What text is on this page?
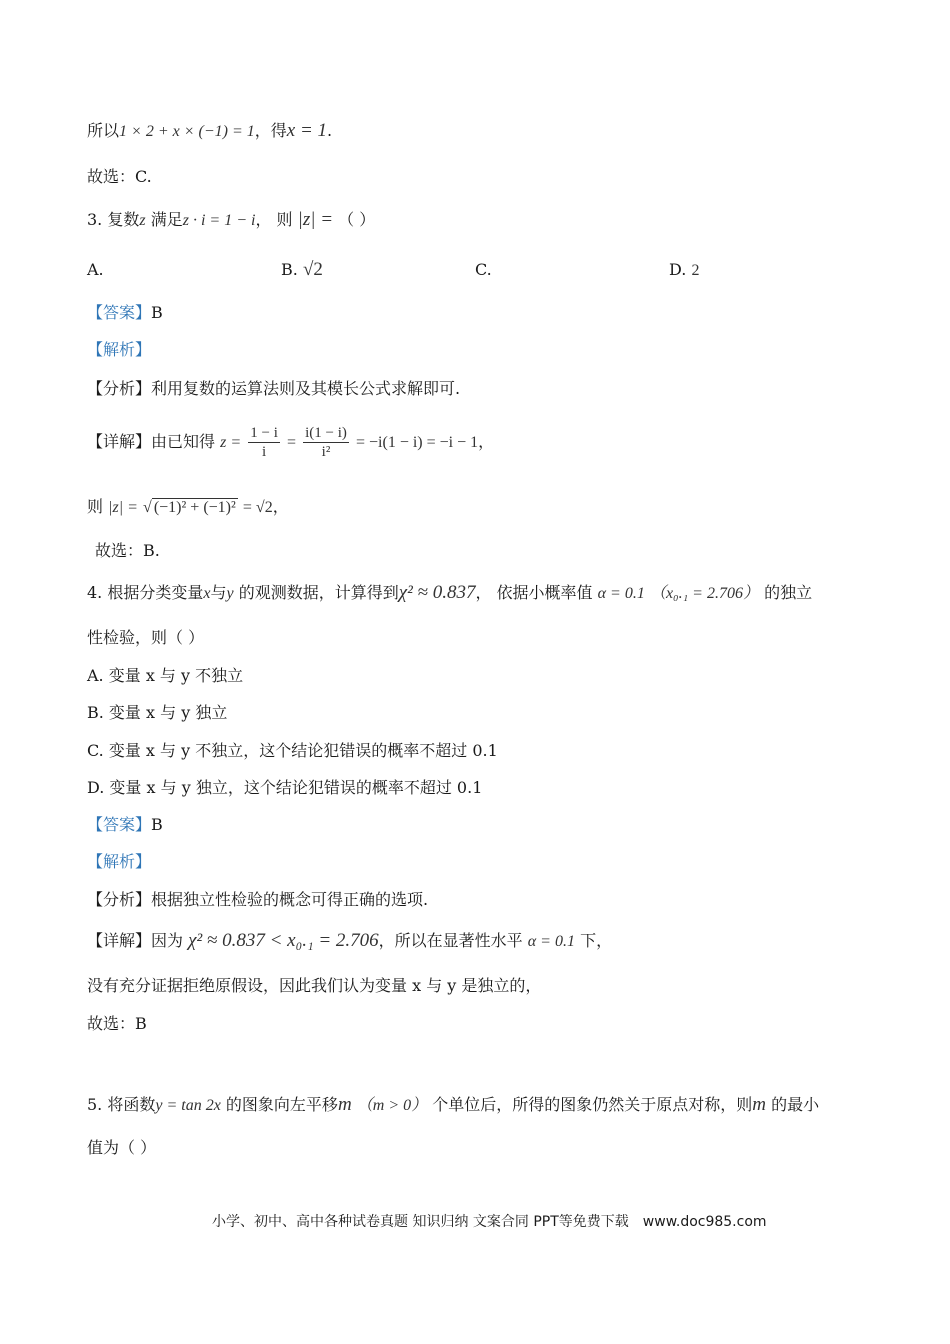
所以1 × 2 + x × (−1) = 1，得x = 1.
故选：C.
3. 复数z 满足z · i = 1 − i， 则 |z| = （ ）
A.	B. √2	C.	D. 2
【答案】B
【解析】
【分析】利用复数的运算法则及其模长公式求解即可.
【详解】由已知得 $z = \frac{1 - i}{i} = \frac{i(1 - i)}{\text{i²}} = -i(1 - i) = -i - 1$，
则 |z| = √ (−1)² + (−1)² = √2，
故选：B.
4. 根据分类变量x与y 的观测数据，计算得到χ² ≈ 0.837， 依据小概率值 α = 0.1 （x₀.₁ = 2.706） 的独立
性检验，则（ ）
A. 变量 x 与 y 不独立
B. 变量 x 与 y 独立
C. 变量 x 与 y 不独立，这个结论犯错误的概率不超过 0.1
D. 变量 x 与 y 独立，这个结论犯错误的概率不超过 0.1
【答案】B
【解析】
【分析】根据独立性检验的概念可得正确的选项.
【详解】因为 χ² ≈ 0.837 < x₀.₁ = 2.706，所以在显著性水平 α = 0.1 下，
没有充分证据拒绝原假设，因此我们认为变量 x 与 y 是独立的，
故选：B
5. 将函数y = tan 2x 的图象向左平移m （m > 0） 个单位后，所得的图象仍然关于原点对称，则m 的最小
值为（ ）
小学、初中、高中各种试卷真题 知识归纳 文案合同 PPT等免费下载 www.doc985.com
